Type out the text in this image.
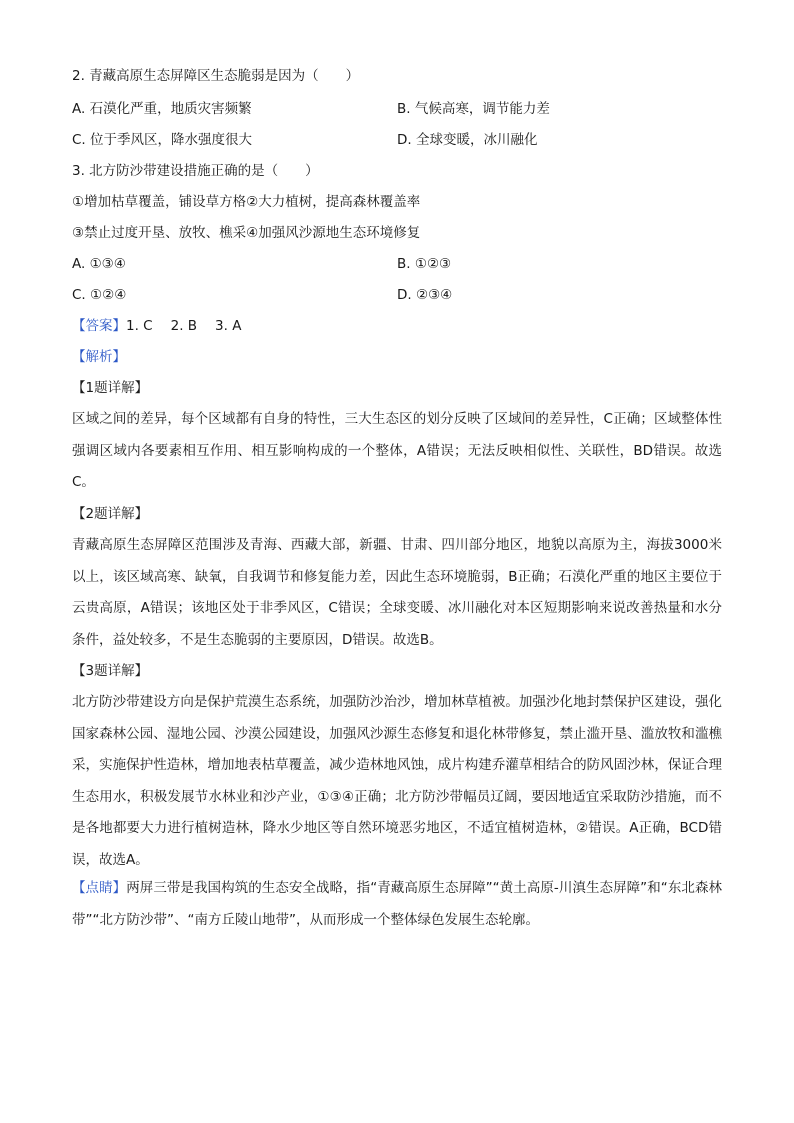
2. 青藏高原生态屏障区生态脆弱是因为（　　）
A. 石漠化严重，地质灾害频繁	B. 气候高寒，调节能力差
C. 位于季风区，降水强度很大	D. 全球变暖，冰川融化
3. 北方防沙带建设措施正确的是（　　）
①增加枯草覆盖，铺设草方格②大力植树，提高森林覆盖率
③禁止过度开垦、放牧、樵采④加强风沙源地生态环境修复
A. ①③④	B. ①②③
C. ①②④	D. ②③④
【答案】1. C 2. B 3. A
【解析】
【1题详解】
区域之间的差异，每个区域都有自身的特性，三大生态区的划分反映了区域间的差异性，C正确；区域整体性强调区域内各要素相互作用、相互影响构成的一个整体，A错误；无法反映相似性、关联性，BD错误。故选C。
【2题详解】
青藏高原生态屏障区范围涉及青海、西藏大部，新疆、甘肃、四川部分地区，地貌以高原为主，海拔3000米以上，该区域高寒、缺氧，自我调节和修复能力差，因此生态环境脆弱，B正确；石漠化严重的地区主要位于云贵高原，A错误；该地区处于非季风区，C错误；全球变暖、冰川融化对本区短期影响来说改善热量和水分条件，益处较多，不是生态脆弱的主要原因，D错误。故选B。
【3题详解】
北方防沙带建设方向是保护荒漠生态系统，加强防沙治沙，增加林草植被。加强沙化地封禁保护区建设，强化国家森林公园、湿地公园、沙漠公园建设，加强风沙源生态修复和退化林带修复，禁止滥开垦、滥放牧和滥樵采，实施保护性造林，增加地表枯草覆盖，减少造林地风蚀，成片构建乔灌草相结合的防风固沙林，保证合理生态用水，积极发展节水林业和沙产业，①③④正确；北方防沙带幅员辽阔，要因地适宜采取防沙措施，而不是各地都要大力进行植树造林，降水少地区等自然环境恶劣地区，不适宜植树造林，②错误。A正确，BCD错误，故选A。
【点睛】两屏三带是我国构筑的生态安全战略，指“青藏高原生态屏障”“黄土高原-川滇生态屏障”和“东北森林带”“北方防沙带”、“南方丘陵山地带”，从而形成一个整体绿色发展生态轮廓。
